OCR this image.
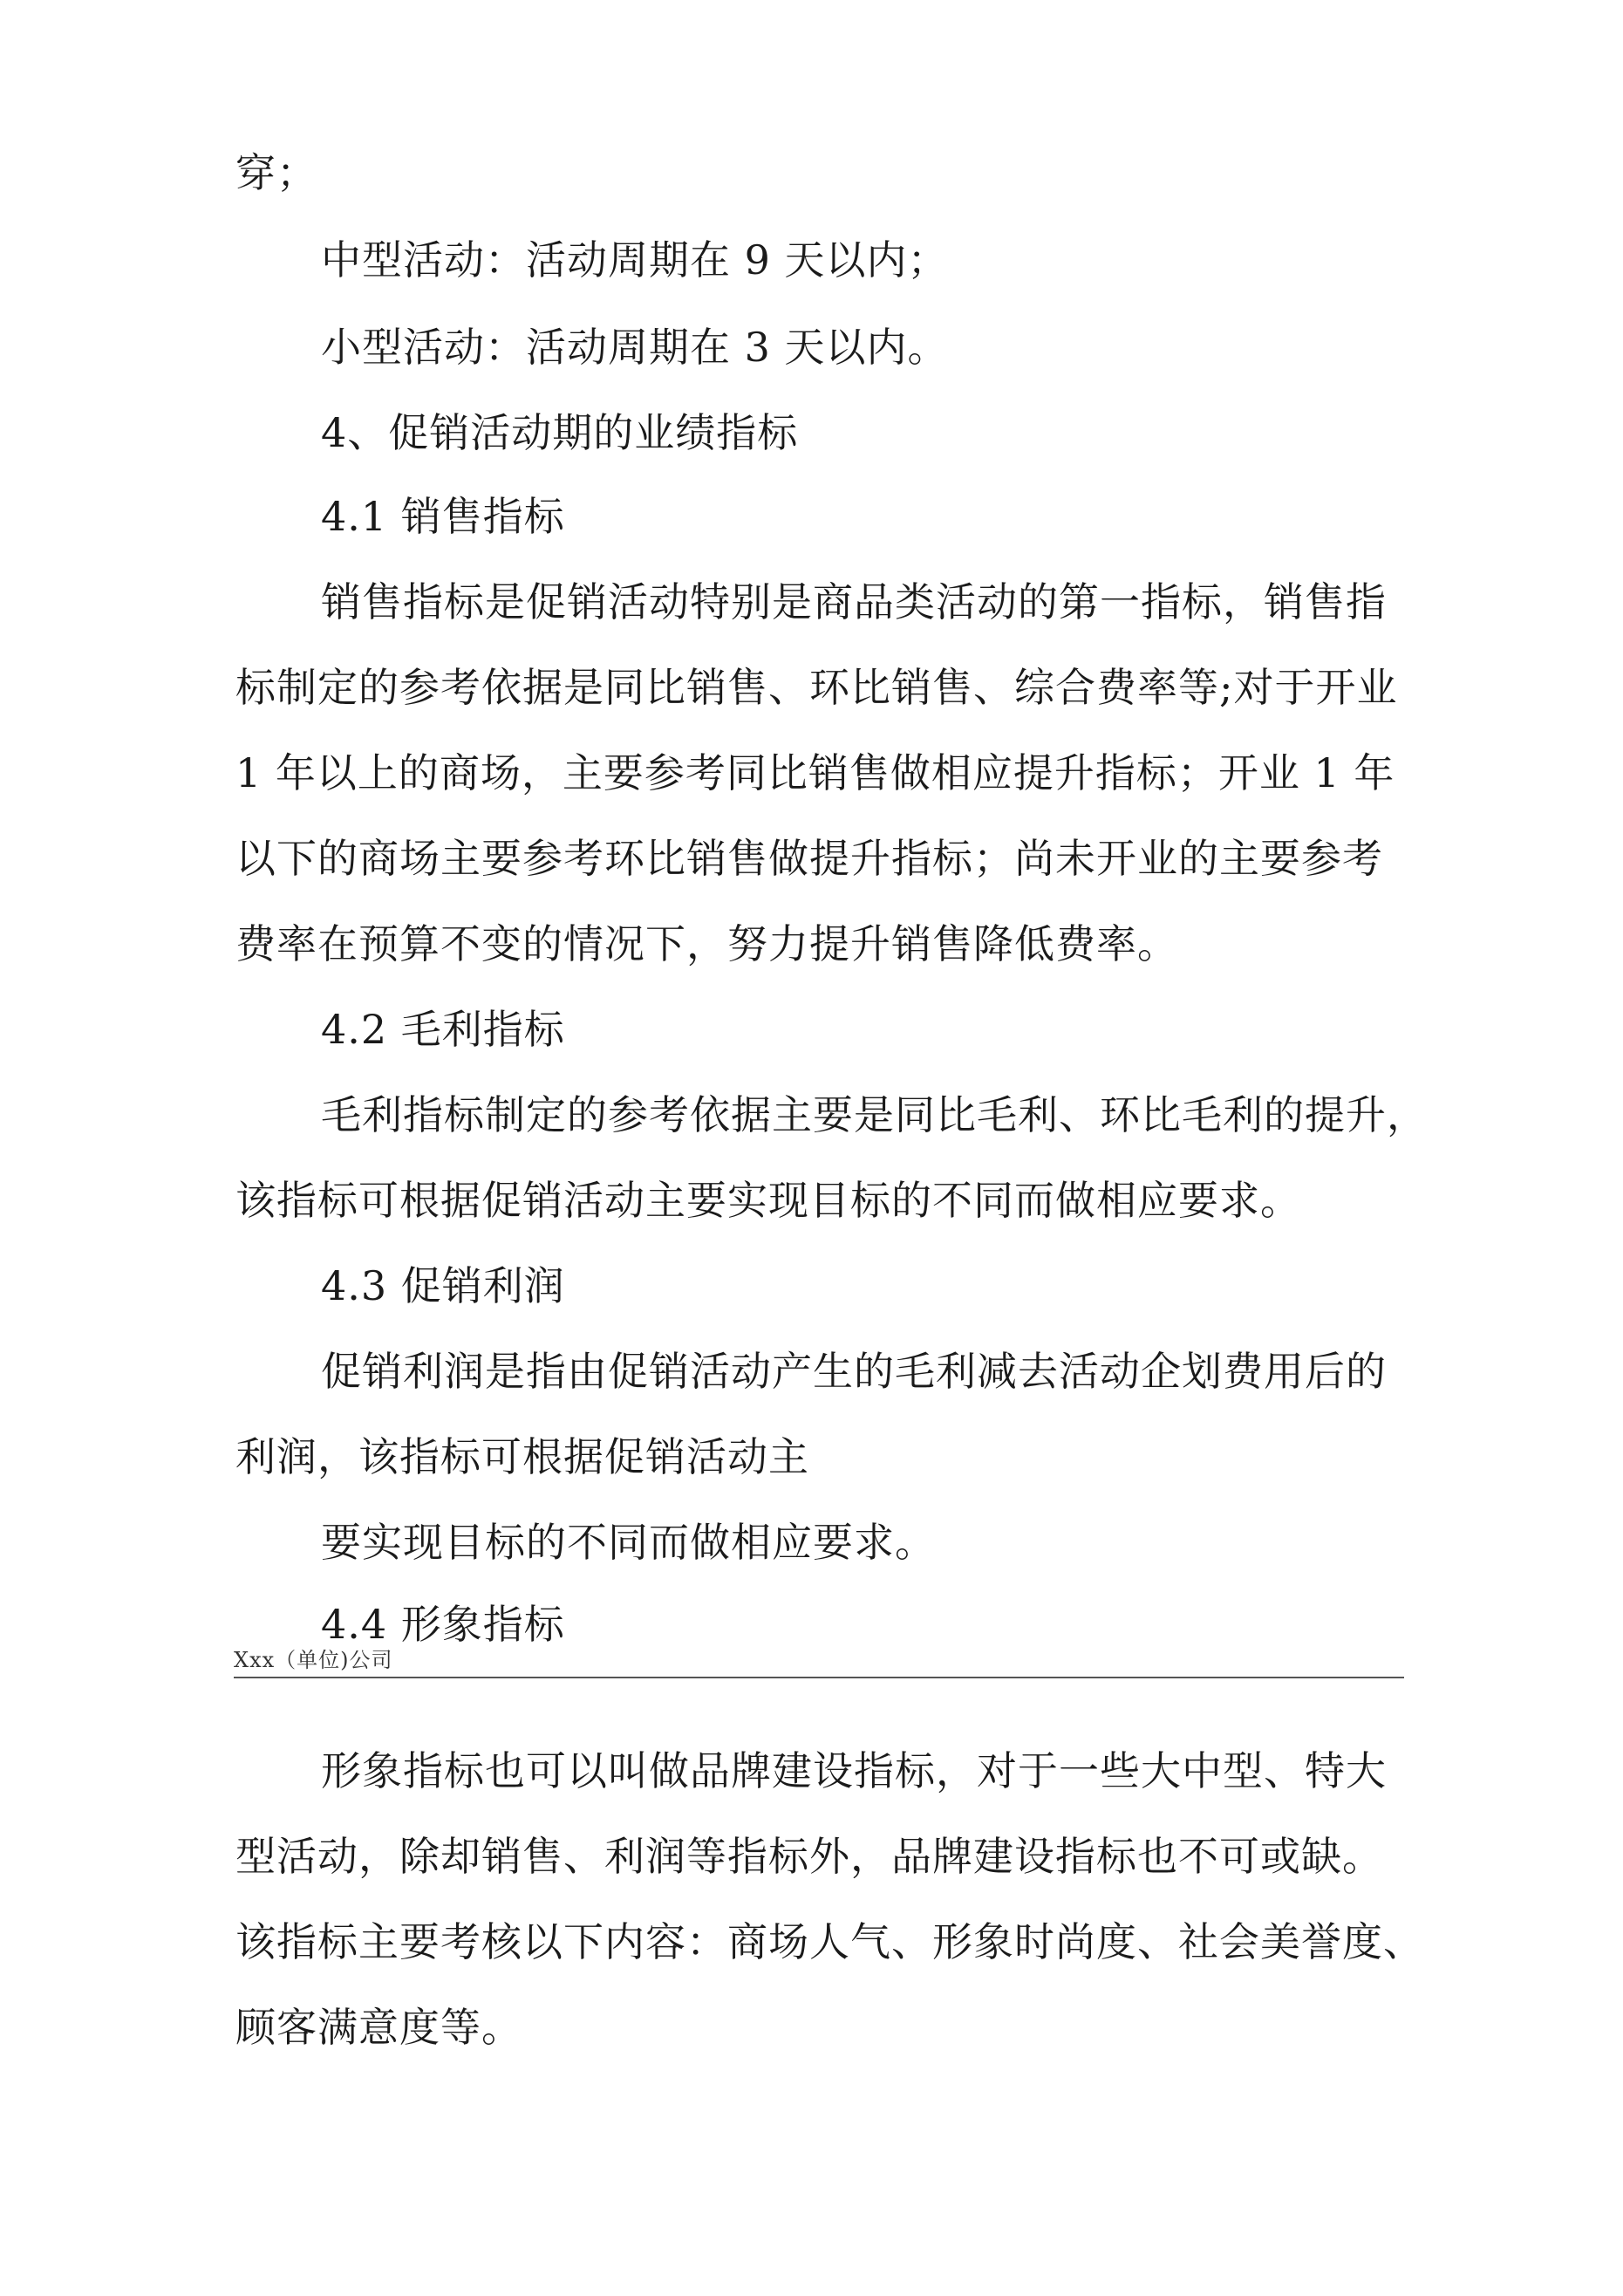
穿；
中型活动：活动周期在 9 天以内；
小型活动：活动周期在 3 天以内。
4、促销活动期的业绩指标
4.1 销售指标
销售指标是促销活动特别是商品类活动的第一指标，销售指
标制定的参考依据是同比销售、环比销售、综合费率等;对于开业
1 年以上的商场，主要参考同比销售做相应提升指标；开业 1 年
以下的商场主要参考环比销售做提升指标；尚未开业的主要参考
费率在预算不变的情况下，努力提升销售降低费率。
4.2 毛利指标
毛利指标制定的参考依据主要是同比毛利、环比毛利的提升，
该指标可根据促销活动主要实现目标的不同而做相应要求。
4.3 促销利润
促销利润是指由促销活动产生的毛利减去活动企划费用后的
利润，该指标可根据促销活动主
要实现目标的不同而做相应要求。
4.4 形象指标
Xxx（单位)公司
形象指标也可以叫做品牌建设指标，对于一些大中型、特大
型活动，除却销售、利润等指标外，品牌建设指标也不可或缺。
该指标主要考核以下内容：商场人气、形象时尚度、社会美誉度、
顾客满意度等。
